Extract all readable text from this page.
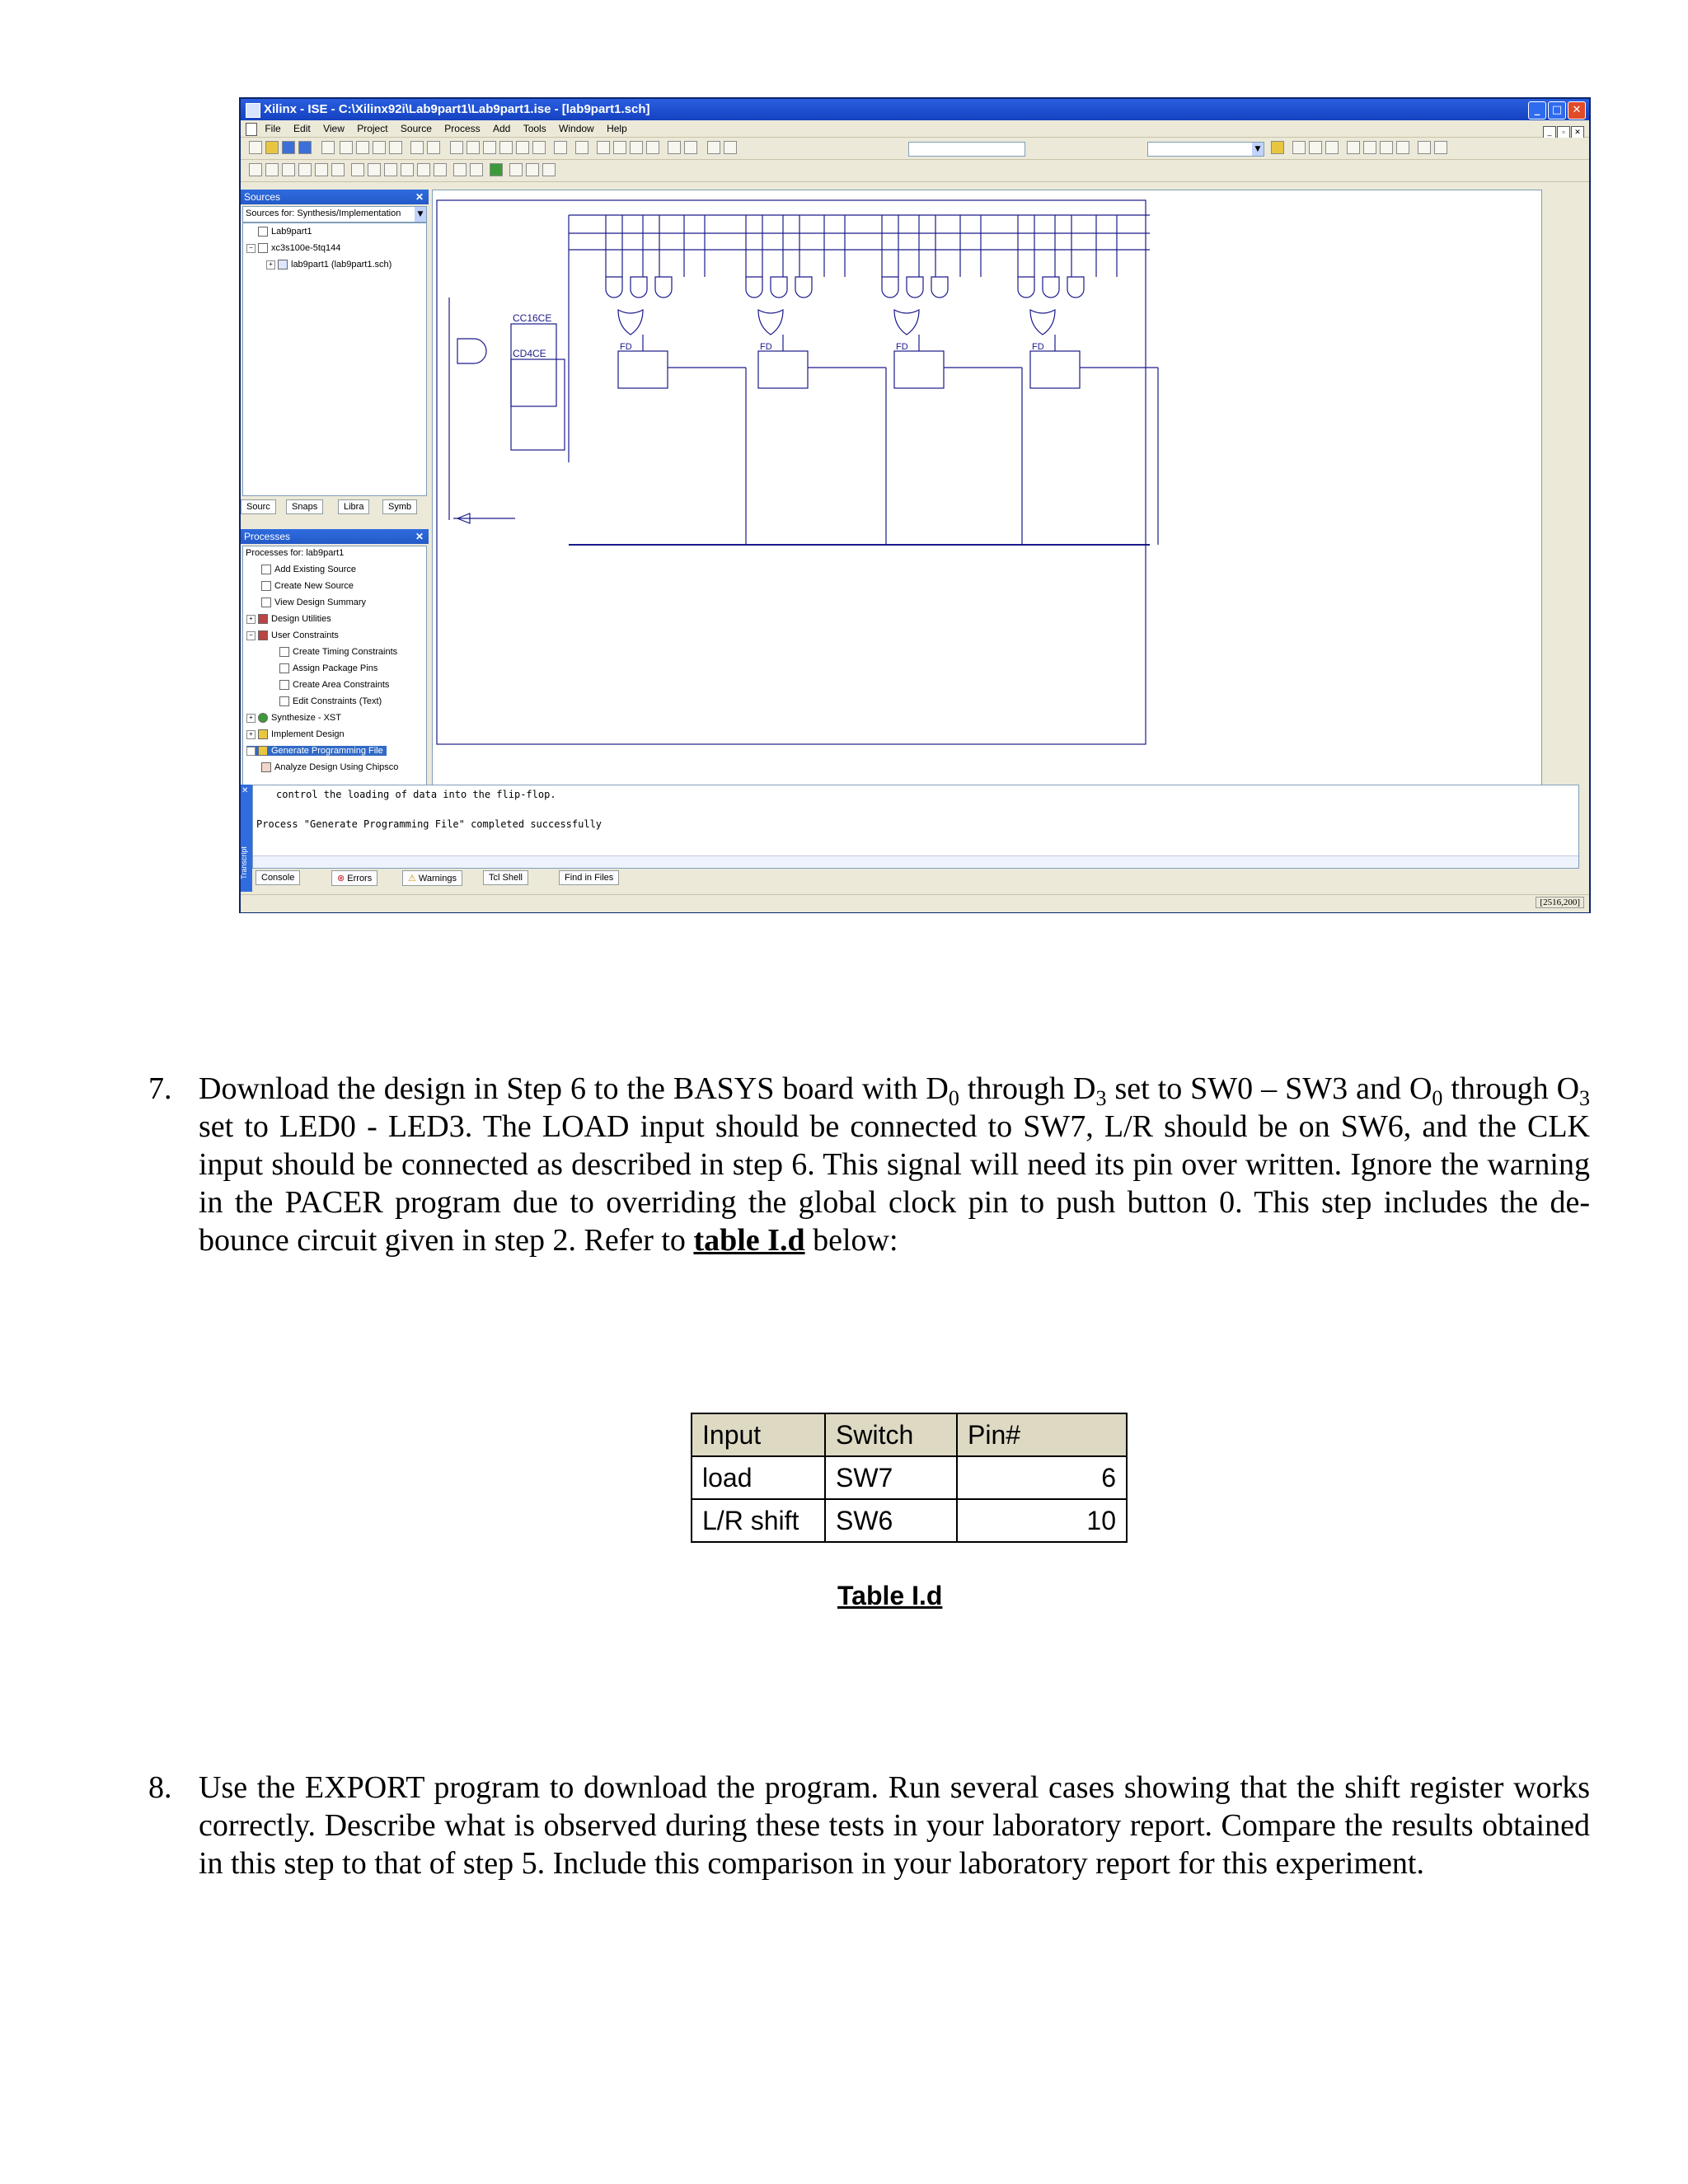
Xilinx - ISE - C:\Xilinx92i\Lab9part1\Lab9part1.ise - [lab9part1.sch]	_ □ ✕
File Edit View Project Source Process Add Tools Window Help	_ ▫ ✕
▼
Sources	✕
Sources for: Synthesis/Implementation	▼
Lab9part1
− xc3s100e-5tq144
+ lab9part1 (lab9part1.sch)
Sourc	Snaps	Libra	Symb
Processes	✕
Processes for: lab9part1
Add Existing Source
Create New Source
View Design Summary
+ Design Utilities
− User Constraints
Create Timing Constraints
Assign Package Pins
Create Area Constraints
Edit Constraints (Text)
+ Synthesize - XST
+ Implement Design
+ Generate Programming File
Analyze Design Using Chipsco
FD	FD	FD	FD
CC16CE
CD4CE
✕
Transcript
control the loading of data into the flip-flop.
Process "Generate Programming File" completed successfully
Console	⊗ Errors	⚠ Warnings	Tcl Shell	Find in Files
[2516,200]
7. Download the design in Step 6 to the BASYS board with $D_0$ through $D_3$ set to SW0 – SW3 and $O_0$ through $O_3$ set to LED0 - LED3. The LOAD input should be connected to SW7, L/R should be on SW6, and the CLK input should be connected as described in step 6. This signal will need its pin over written. Ignore the warning in the PACER program due to overriding the global clock pin to push button 0. This step includes the de-bounce circuit given in step 2. Refer to table I.d below:
Input	Switch	Pin#
load	SW7	6
L/R shift	SW6	10
Table I.d
8. Use the EXPORT program to download the program. Run several cases showing that the shift register works correctly. Describe what is observed during these tests in your laboratory report. Compare the results obtained in this step to that of step 5. Include this comparison in your laboratory report for this experiment.
